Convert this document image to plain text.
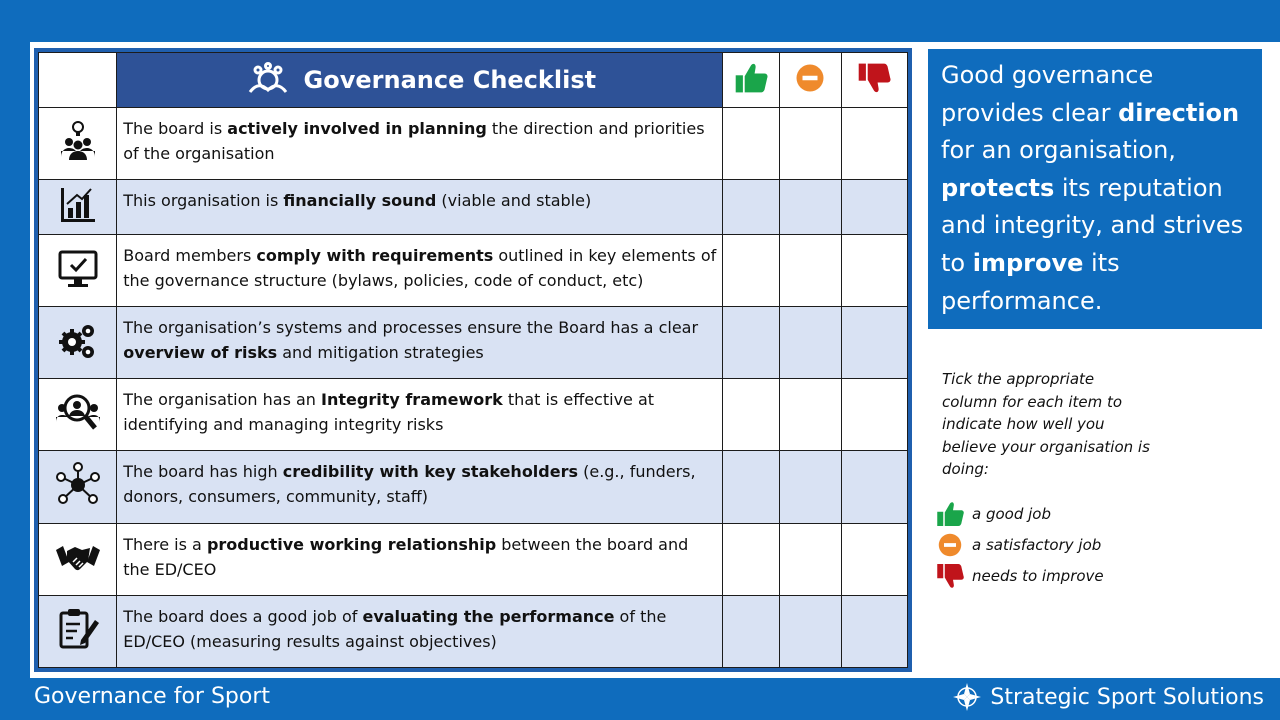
	Governance Checklist

	The board is actively involved in planning the direction and priorities of the organisation			
	This organisation is financially sound (viable and stable)			
	Board members comply with requirements outlined in key elements of the governance structure (bylaws, policies, code of conduct, etc)			
	The organisation’s systems and processes ensure the Board has a clear overview of risks and mitigation strategies			
	The organisation has an Integrity framework that is effective at identifying and managing integrity risks			
	The board has high credibility with key stakeholders (e.g., funders, donors, consumers, community, staff)			
	There is a productive working relationship between the board and the ED/CEO			
	The board does a good job of evaluating the performance of the ED/CEO (measuring results against objectives)			
Good governance provides clear direction for an organisation, protects its reputation and integrity, and strives to improve its performance.
Tick the appropriate column for each item to indicate how well you believe your organisation is doing:
a good job
a satisfactory job
needs to improve
Governance for Sport	Strategic Sport Solutions
